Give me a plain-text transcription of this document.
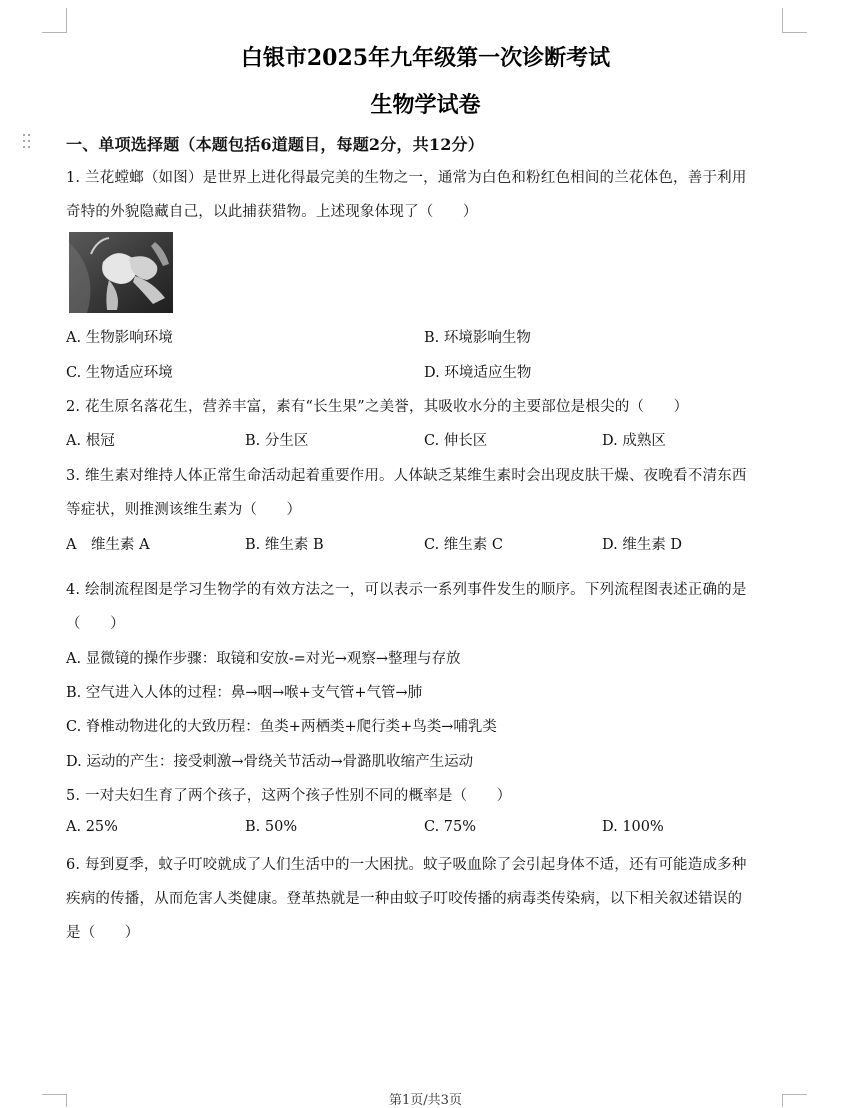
白银市2025年九年级第一次诊断考试
生物学试卷
一、单项选择题（本题包括6道题目，每题2分，共12分）
1. 兰花螳螂（如图）是世界上进化得最完美的生物之一，通常为白色和粉红色相间的兰花体色，善于利用
奇特的外貌隐藏自己，以此捕获猎物。上述现象体现了（　　）
A. 生物影响环境	B. 环境影响生物
C. 生物适应环境	D. 环境适应生物
2. 花生原名落花生，营养丰富，素有“长生果”之美誉，其吸收水分的主要部位是根尖的（　　）
A. 根冠	B. 分生区	C. 伸长区	D. 成熟区
3. 维生素对维持人体正常生命活动起着重要作用。人体缺乏某维生素时会出现皮肤干燥、夜晚看不清东西
等症状，则推测该维生素为（　　）
A　维生素 A	B. 维生素 B	C. 维生素 C	D. 维生素 D
4. 绘制流程图是学习生物学的有效方法之一，可以表示一系列事件发生的顺序。下列流程图表述正确的是
（　　）
A. 显微镜的操作步骤：取镜和安放-=对光→观察→整理与存放
B. 空气进入人体的过程：鼻→咽→喉+支气管+气管→肺
C. 脊椎动物进化的大致历程：鱼类+两栖类+爬行类+鸟类→哺乳类
D. 运动的产生：接受刺激→骨绕关节活动→骨潞肌收缩产生运动
5. 一对夫妇生育了两个孩子，这两个孩子性别不同的概率是（　　）
A. 25%	B. 50%	C. 75%	D. 100%
6. 每到夏季，蚊子叮咬就成了人们生活中的一大困扰。蚊子吸血除了会引起身体不适，还有可能造成多种
疾病的传播，从而危害人类健康。登革热就是一种由蚊子叮咬传播的病毒类传染病，以下相关叙述错误的
是（　　）
第1页/共3页
